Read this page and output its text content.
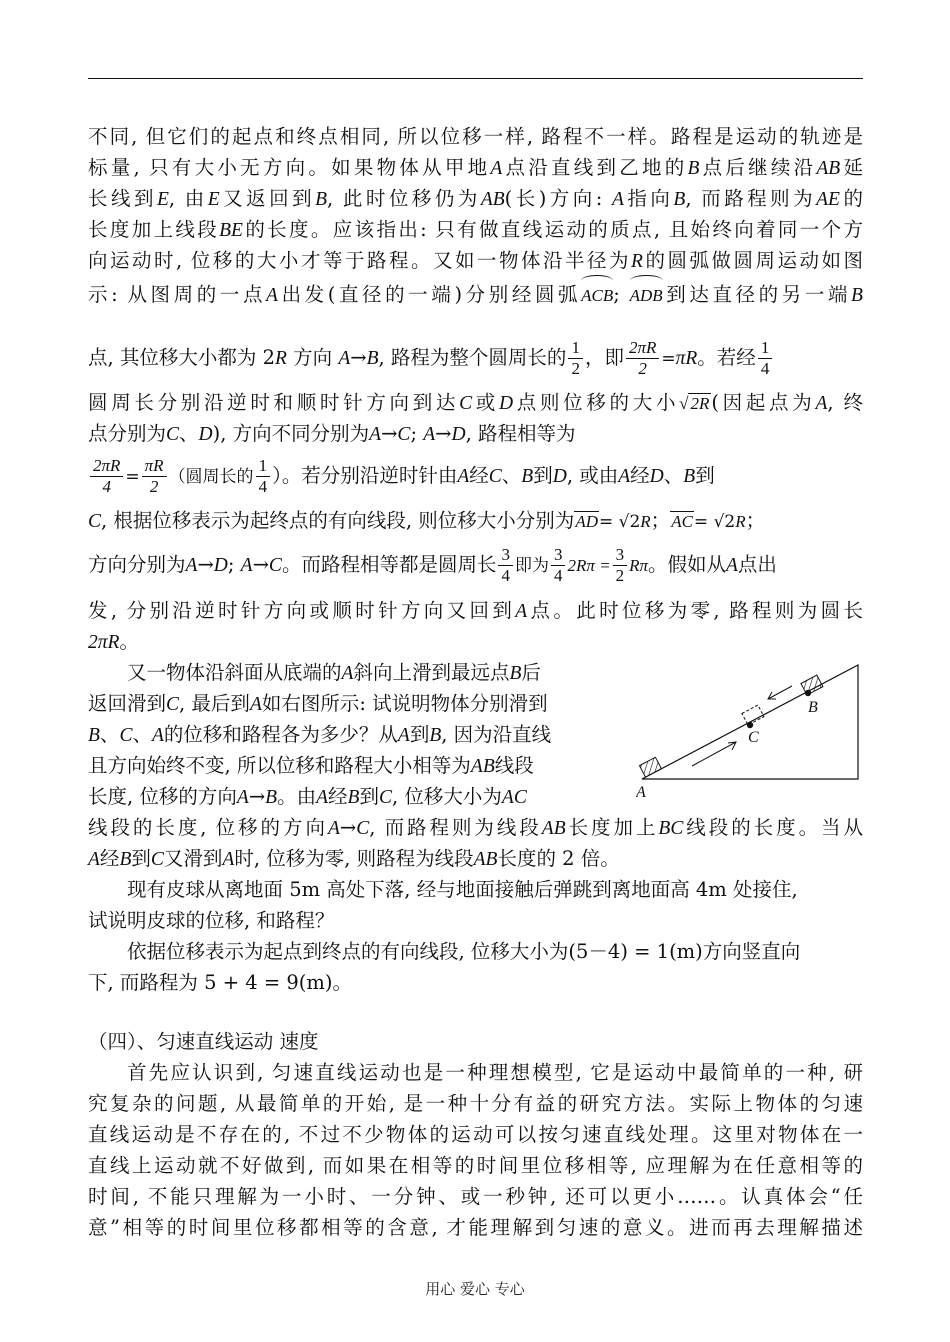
不同, 但它们的起点和终点相同, 所以位移一样, 路程不一样。路程是运动的轨迹是
标量, 只有大小无方向。如果物体从甲地A点沿直线到乙地的B点后继续沿AB延
长线到E, 由E又返回到B, 此时位移仍为AB(长)方向: A指向B, 而路程则为AE的
长度加上线段BE的长度。应该指出: 只有做直线运动的质点, 且始终向着同一个方
向运动时, 位移的大小才等于路程。又如一物体沿半径为R的圆弧做圆周运动如图
示: 从图周的一点A出发(直径的一端)分别经圆弧ACB; ADB到达直径的另一端B
点, 其位移大小都为 2R 方向 A→B, 路程为整个圆周长的 $\frac{1}{2}$ ，即 $\frac{2\pi R}{2} =\pi R$。若经 $\frac{1}{4}$
圆周长分别沿逆时和顺时针方向到达C或D点则位移的大小√ 2R (因起点为A, 终
点分别为C、D), 方向不同分别为A→C; A→D, 路程相等为
$\frac{2\pi R}{4} = \frac{\pi R}{2}$ （圆周长的 $\frac{1}{4}$ ）。若分别沿逆时针由A经C、B到D, 或由A经D、B到
C, 根据位移表示为起终点的有向线段, 则位移大小分别为AD= √2R；AC= √2R；
方向分别为A→D; A→C。而路程相等都是圆周长 $\frac{3}{4}$ 即为 $\frac{3}{4} 2R\pi = \frac{3}{2}$ Rπ。假如从A点出
发, 分别沿逆时针方向或顺时针方向又回到A点。此时位移为零, 路程则为圆长
2πR。
又一物体沿斜面从底端的A斜向上滑到最远点B后
返回滑到C, 最后到A如右图所示: 试说明物体分别滑到
B、C、A的位移和路程各为多少？从A到B, 因为沿直线
且方向始终不变, 所以位移和路程大小相等为AB线段
长度, 位移的方向A→B。由A经B到C, 位移大小为AC
线段的长度, 位移的方向A→C, 而路程则为线段AB长度加上BC线段的长度。当从
A经B到C又滑到A时, 位移为零, 则路程为线段AB长度的 2 倍。
现有皮球从离地面 5m 高处下落, 经与地面接触后弹跳到离地面高 4m 处接住,
试说明皮球的位移, 和路程？
依据位移表示为起点到终点的有向线段, 位移大小为(5－4) = 1(m)方向竖直向
下, 而路程为 5 + 4 = 9(m)。
（四）、匀速直线运动 速度
首先应认识到, 匀速直线运动也是一种理想模型, 它是运动中最简单的一种, 研
究复杂的问题, 从最简单的开始, 是一种十分有益的研究方法。实际上物体的匀速
直线运动是不存在的, 不过不少物体的运动可以按匀速直线处理。这里对物体在一
直线上运动就不好做到, 而如果在相等的时间里位移相等, 应理解为在任意相等的
时间, 不能只理解为一小时、一分钟、或一秒钟, 还可以更小……。认真体会“任
意”相等的时间里位移都相等的含意, 才能理解到匀速的意义。进而再去理解描述
B
C
A
用心 爱心 专心
